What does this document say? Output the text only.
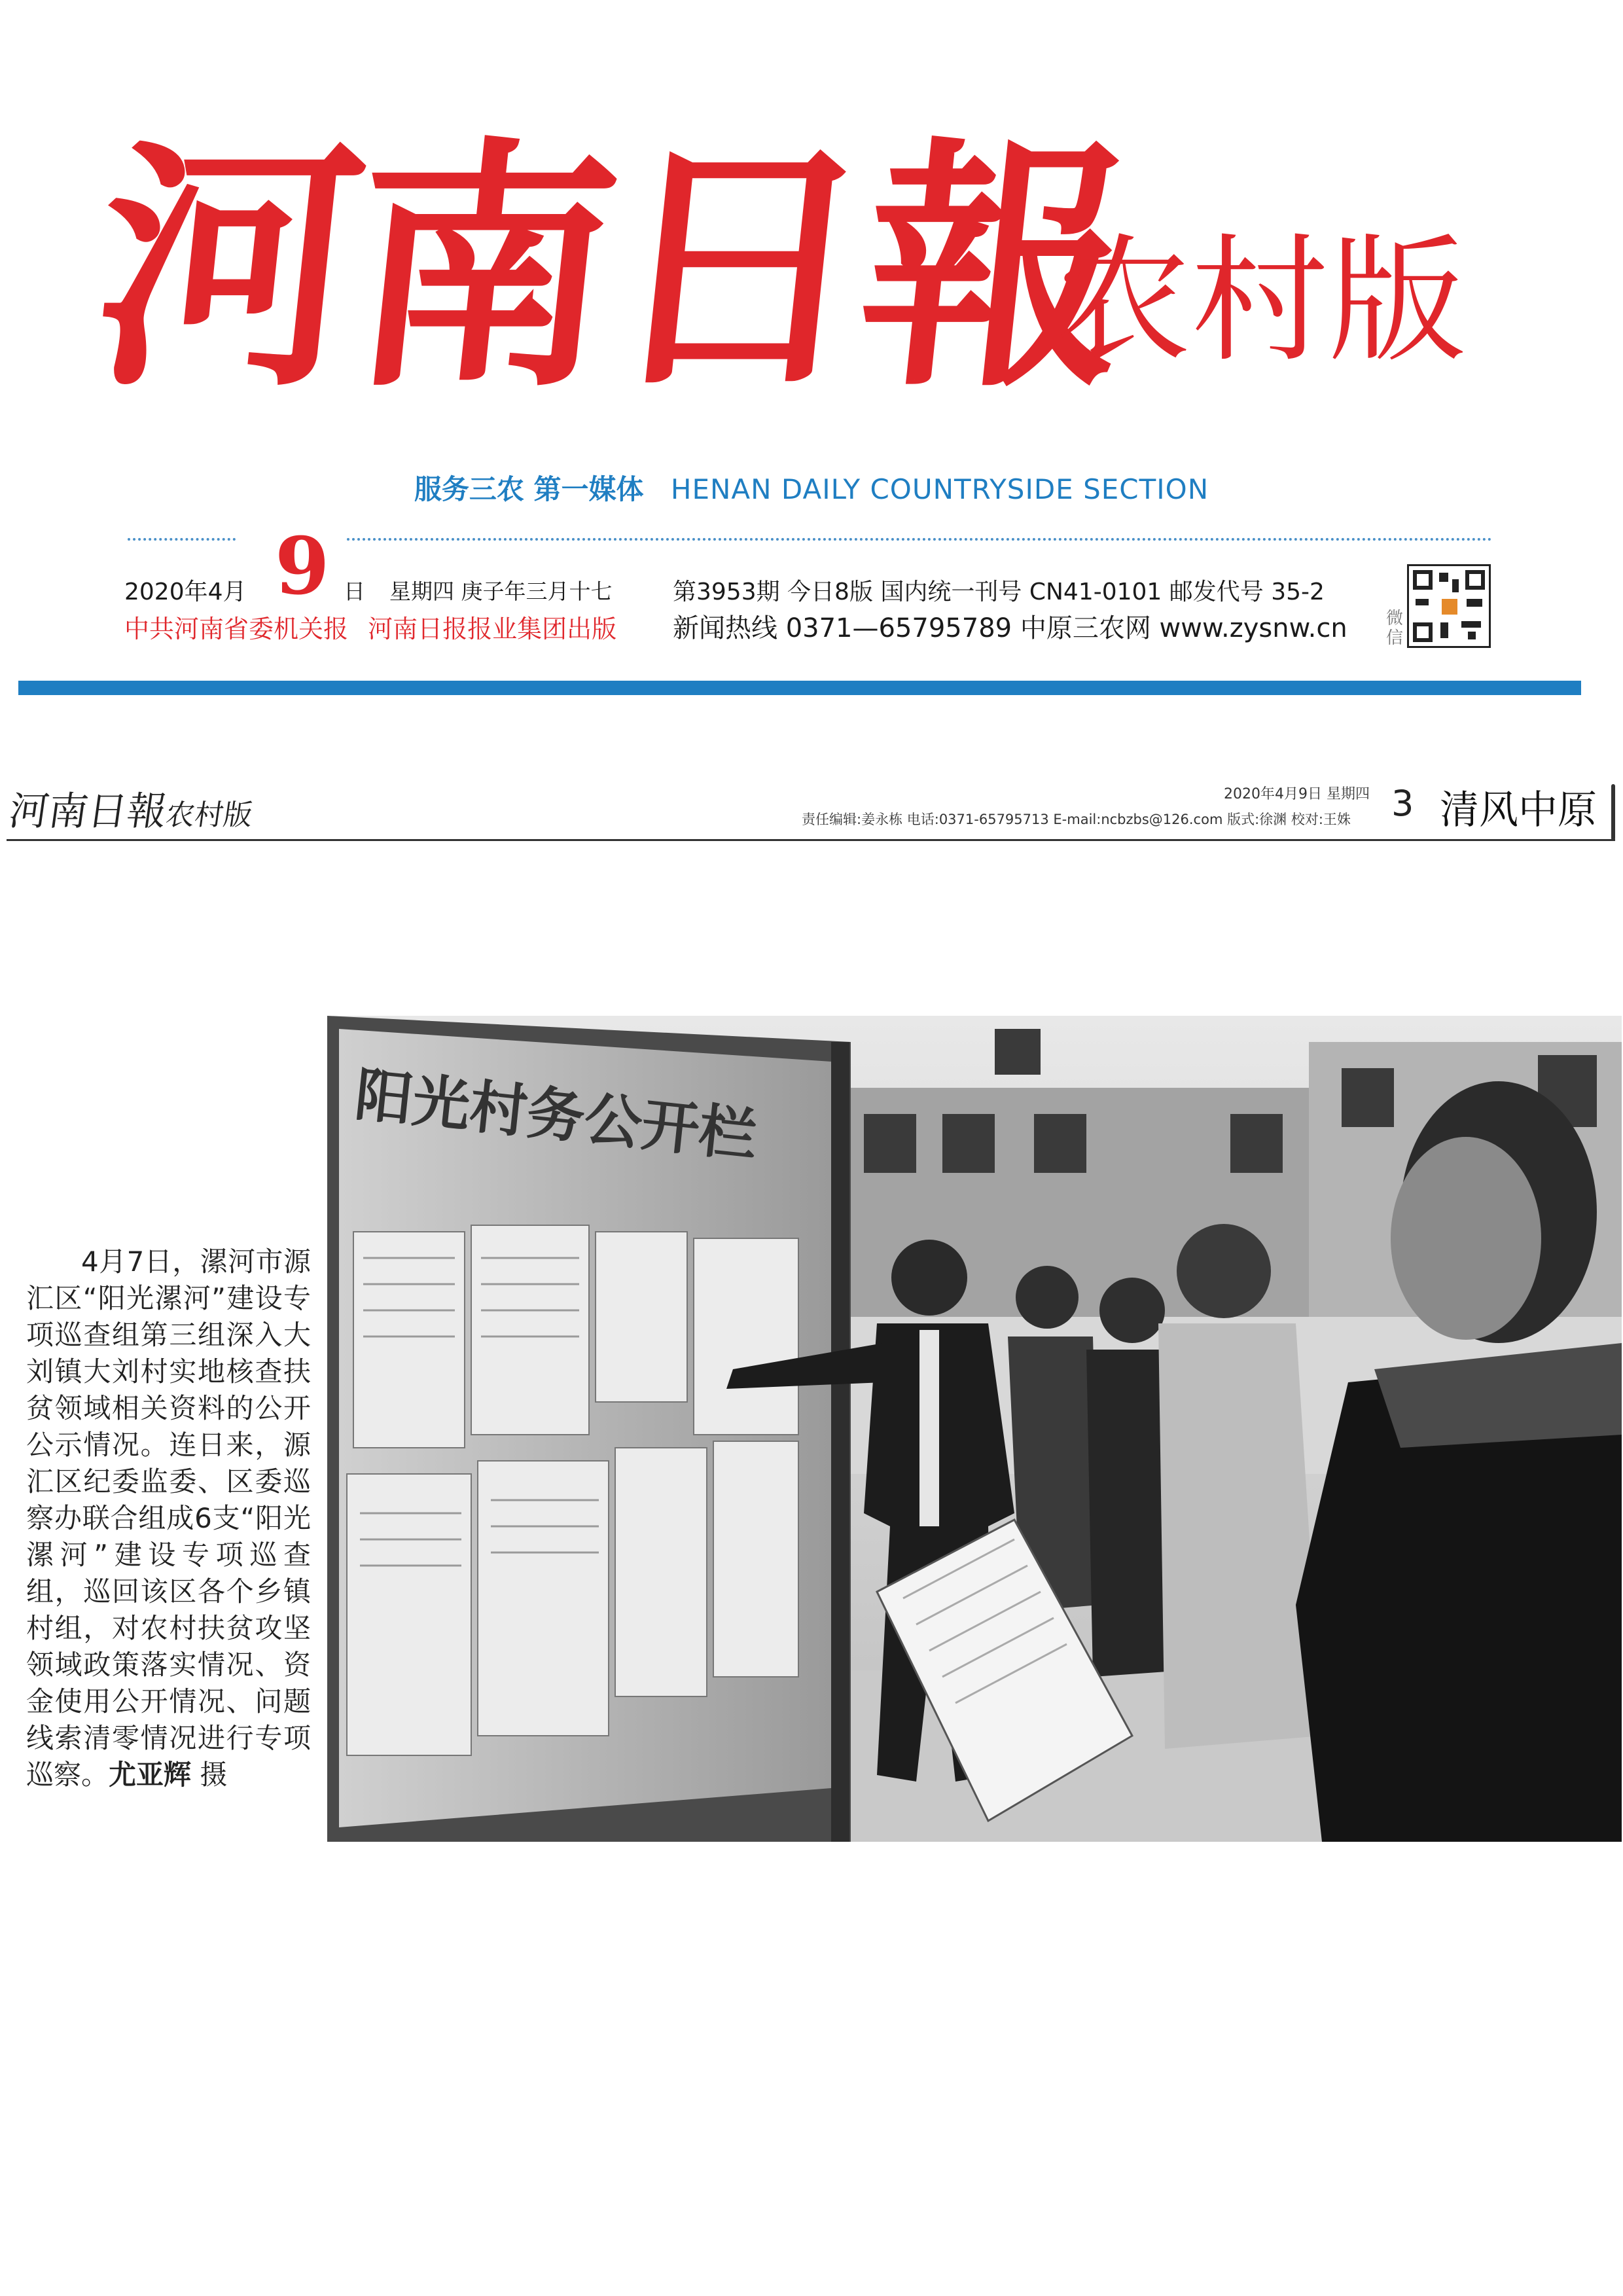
河南日報
农村版
服务三农 第一媒体 HENAN DAILY COUNTRYSIDE SECTION
2020年4月 9 日 星期四 庚子年三月十七	第3953期 今日8版 国内统一刊号 CN41-0101 邮发代号 35-2
中共河南省委机关报 河南日报报业集团出版 新闻热线 0371—65795789 中原三农网 www.zysnw.cn 微信
河南日報农村版
2020年4月9日 星期四
责任编辑:姜永栋 电话:0371-65795713 E-mail:ncbzbs@126.com 版式:徐渊 校对:王姝 3 清风中原
4月7日，漯河市源汇区“阳光漯河”建设专项巡查组第三组深入大刘镇大刘村实地核查扶贫领域相关资料的公开公示情况。连日来，源汇区纪委监委、区委巡察办联合组成6支“阳光漯河”建设专项巡查组，巡回该区各个乡镇村组，对农村扶贫攻坚领域政策落实情况、资金使用公开情况、问题线索清零情况进行专项巡察。尤亚辉 摄
阳光村务公开栏
